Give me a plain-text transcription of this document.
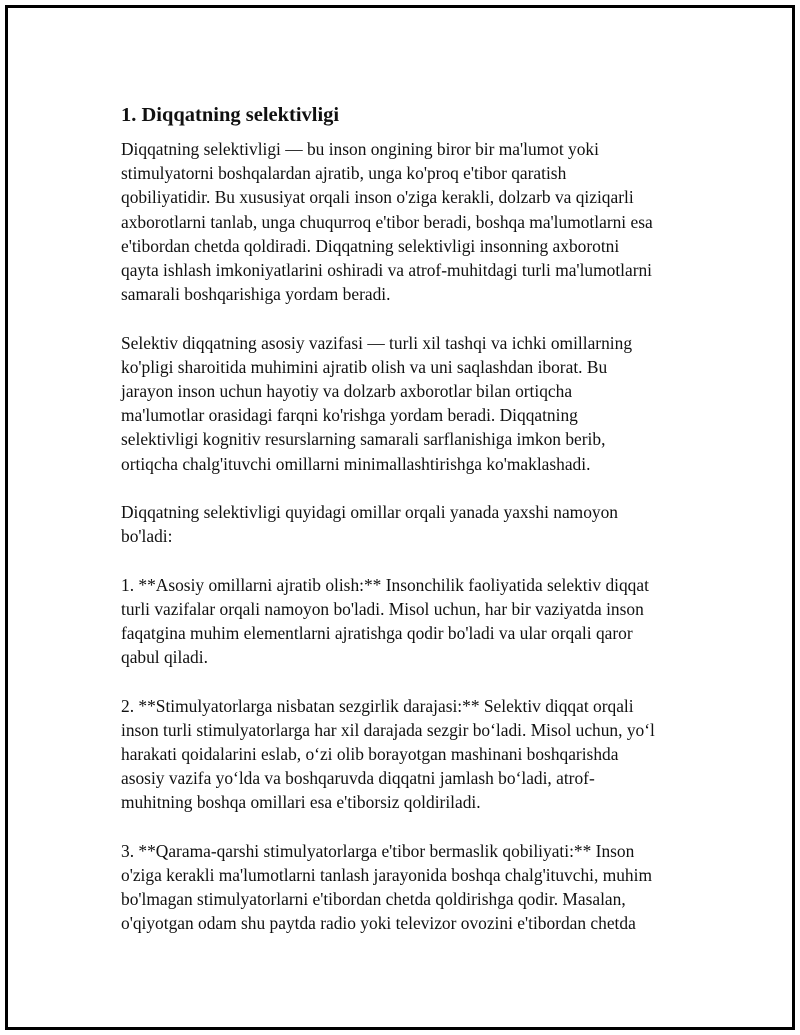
1. Diqqatning selektivligi

Diqqatning selektivligi — bu inson ongining biror bir ma'lumot yoki
stimulyatorni boshqalardan ajratib, unga ko'proq e'tibor qaratish
qobiliyatidir. Bu xususiyat orqali inson o'ziga kerakli, dolzarb va qiziqarli
axborotlarni tanlab, unga chuqurroq e'tibor beradi, boshqa ma'lumotlarni esa
e'tibordan chetda qoldiradi. Diqqatning selektivligi insonning axborotni
qayta ishlash imkoniyatlarini oshiradi va atrof-muhitdagi turli ma'lumotlarni
samarali boshqarishiga yordam beradi.

Selektiv diqqatning asosiy vazifasi — turli xil tashqi va ichki omillarning
ko'pligi sharoitida muhimini ajratib olish va uni saqlashdan iborat. Bu
jarayon inson uchun hayotiy va dolzarb axborotlar bilan ortiqcha
ma'lumotlar orasidagi farqni ko'rishga yordam beradi. Diqqatning
selektivligi kognitiv resurslarning samarali sarflanishiga imkon berib,
ortiqcha chalg'ituvchi omillarni minimallashtirishga ko'maklashadi.

Diqqatning selektivligi quyidagi omillar orqali yanada yaxshi namoyon
bo'ladi:

1. **Asosiy omillarni ajratib olish:** Insonchilik faoliyatida selektiv diqqat
turli vazifalar orqali namoyon bo'ladi. Misol uchun, har bir vaziyatda inson
faqatgina muhim elementlarni ajratishga qodir bo'ladi va ular orqali qaror
qabul qiladi.

2. **Stimulyatorlarga nisbatan sezgirlik darajasi:** Selektiv diqqat orqali
inson turli stimulyatorlarga har xil darajada sezgir bo‘ladi. Misol uchun, yo‘l
harakati qoidalarini eslab, o‘zi olib borayotgan mashinani boshqarishda
asosiy vazifa yo‘lda va boshqaruvda diqqatni jamlash bo‘ladi, atrof-
muhitning boshqa omillari esa e'tiborsiz qoldiriladi.

3. **Qarama-qarshi stimulyatorlarga e'tibor bermaslik qobiliyati:** Inson
o'ziga kerakli ma'lumotlarni tanlash jarayonida boshqa chalg'ituvchi, muhim
bo'lmagan stimulyatorlarni e'tibordan chetda qoldirishga qodir. Masalan,
o'qiyotgan odam shu paytda radio yoki televizor ovozini e'tibordan chetda
